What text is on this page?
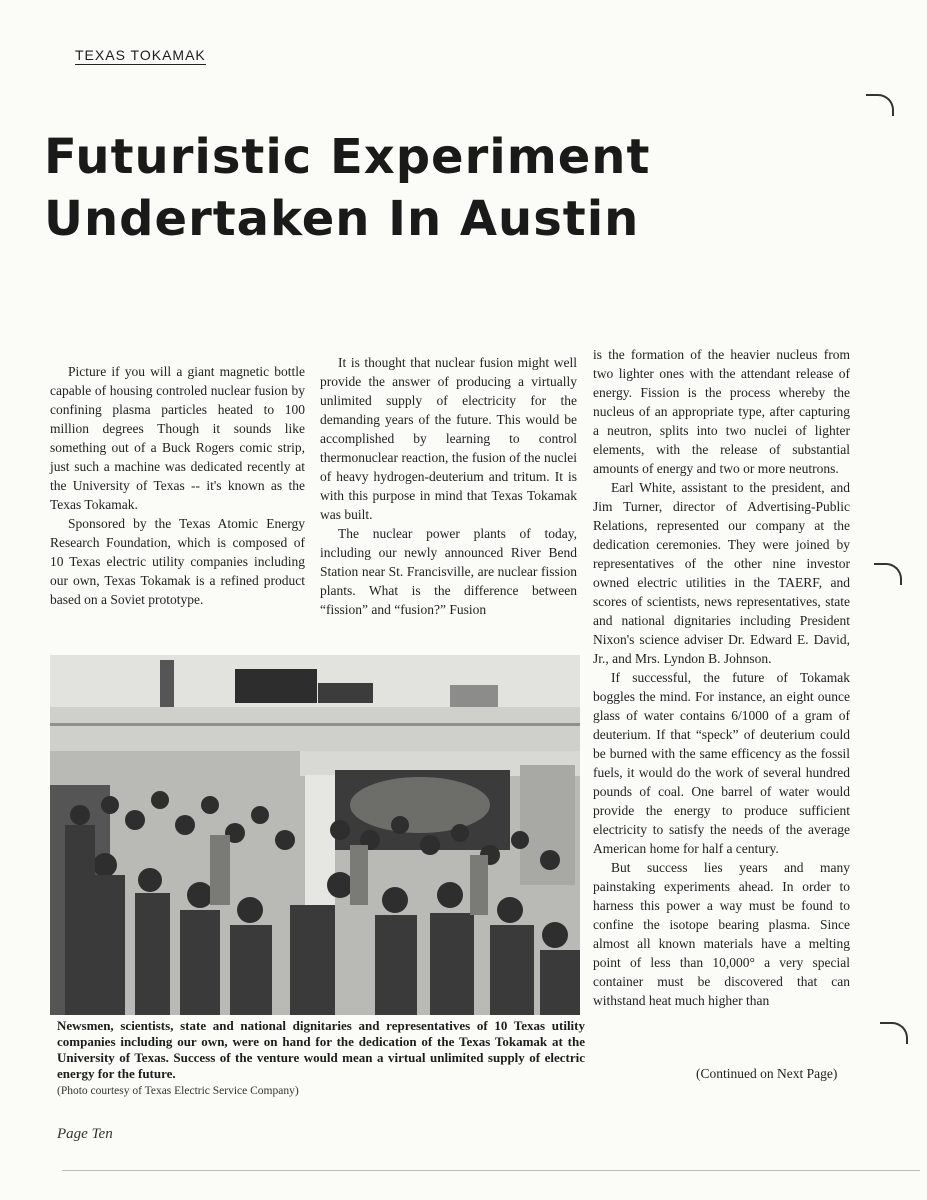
TEXAS TOKAMAK
Futuristic Experiment
Undertaken In Austin

Picture if you will a giant magnetic bottle capable of housing controled nuclear fusion by confining plasma particles heated to 100 million degrees Though it sounds like something out of a Buck Rogers comic strip, just such a machine was dedicated recently at the University of Texas -- it's known as the Texas Tokamak.

Sponsored by the Texas Atomic Energy Research Foundation, which is composed of 10 Texas electric utility companies including our own, Texas Tokamak is a refined product based on a Soviet prototype.

It is thought that nuclear fusion might well provide the answer of producing a virtually unlimited supply of electricity for the demanding years of the future. This would be accomplished by learning to control thermonuclear reaction, the fusion of the nuclei of heavy hydrogen-deuterium and tritum. It is with this purpose in mind that Texas Tokamak was built.

The nuclear power plants of today, including our newly announced River Bend Station near St. Francisville, are nuclear fission plants. What is the difference between “fission” and “fusion?” Fusion

is the formation of the heavier nucleus from two lighter ones with the attendant release of energy. Fission is the process whereby the nucleus of an appropriate type, after capturing a neutron, splits into two nuclei of lighter elements, with the release of substantial amounts of energy and two or more neutrons.

Earl White, assistant to the president, and Jim Turner, director of Advertising-Public Relations, represented our company at the dedication ceremonies. They were joined by representatives of the other nine investor owned electric utilities in the TAERF, and scores of scientists, news representatives, state and national dignitaries including President Nixon's science adviser Dr. Edward E. David, Jr., and Mrs. Lyndon B. Johnson.

If successful, the future of Tokamak boggles the mind. For instance, an eight ounce glass of water contains 6/1000 of a gram of deuterium. If that “speck” of deuterium could be burned with the same efficency as the fossil fuels, it would do the work of several hundred pounds of coal. One barrel of water would provide the energy to produce sufficient electricity to satisfy the needs of the average American home for half a century.

But success lies years and many painstaking experiments ahead. In order to harness this power a way must be found to confine the isotope bearing plasma. Since almost all known materials have a melting point of less than 10,000° a very special container must be discovered that can withstand heat much higher than

Newsmen, scientists, state and national dignitaries and representatives of 10 Texas utility companies including our own, were on hand for the dedication of the Texas Tokamak at the University of Texas. Success of the venture would mean a virtual unlimited supply of electric energy for the future.
(Photo courtesy of Texas Electric Service Company)
(Continued on Next Page)
Page Ten
